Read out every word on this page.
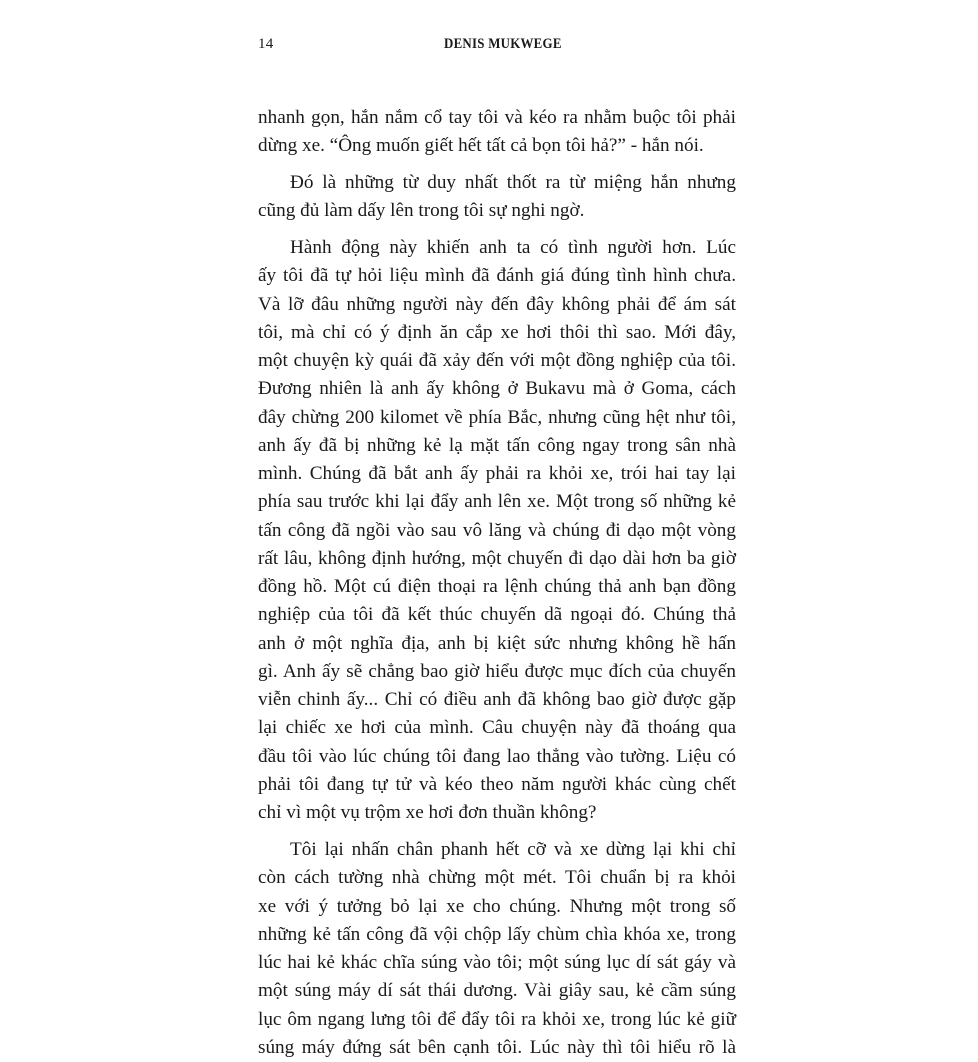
14	DENIS MUKWEGE
nhanh gọn, hắn nắm cổ tay tôi và kéo ra nhằm buộc tôi phải
dừng xe. “Ông muốn giết hết tất cả bọn tôi hả?” - hắn nói.
Đó là những từ duy nhất thốt ra từ miệng hắn nhưng
cũng đủ làm dấy lên trong tôi sự nghi ngờ.
Hành động này khiến anh ta có tình người hơn. Lúc
ấy tôi đã tự hỏi liệu mình đã đánh giá đúng tình hình chưa.
Và lỡ đâu những người này đến đây không phải để ám sát
tôi, mà chỉ có ý định ăn cắp xe hơi thôi thì sao. Mới đây,
một chuyện kỳ quái đã xảy đến với một đồng nghiệp của tôi.
Đương nhiên là anh ấy không ở Bukavu mà ở Goma, cách
đây chừng 200 kilomet về phía Bắc, nhưng cũng hệt như tôi,
anh ấy đã bị những kẻ lạ mặt tấn công ngay trong sân nhà
mình. Chúng đã bắt anh ấy phải ra khỏi xe, trói hai tay lại
phía sau trước khi lại đẩy anh lên xe. Một trong số những kẻ
tấn công đã ngồi vào sau vô lăng và chúng đi dạo một vòng
rất lâu, không định hướng, một chuyến đi dạo dài hơn ba giờ
đồng hồ. Một cú điện thoại ra lệnh chúng thả anh bạn đồng
nghiệp của tôi đã kết thúc chuyến dã ngoại đó. Chúng thả
anh ở một nghĩa địa, anh bị kiệt sức nhưng không hề hấn
gì. Anh ấy sẽ chẳng bao giờ hiểu được mục đích của chuyến
viễn chinh ấy... Chỉ có điều anh đã không bao giờ được gặp
lại chiếc xe hơi của mình. Câu chuyện này đã thoáng qua
đầu tôi vào lúc chúng tôi đang lao thẳng vào tường. Liệu có
phải tôi đang tự tử và kéo theo năm người khác cùng chết
chỉ vì một vụ trộm xe hơi đơn thuần không?
Tôi lại nhấn chân phanh hết cỡ và xe dừng lại khi chỉ
còn cách tường nhà chừng một mét. Tôi chuẩn bị ra khỏi
xe với ý tưởng bỏ lại xe cho chúng. Nhưng một trong số
những kẻ tấn công đã vội chộp lấy chùm chìa khóa xe, trong
lúc hai kẻ khác chĩa súng vào tôi; một súng lục dí sát gáy và
một súng máy dí sát thái dương. Vài giây sau, kẻ cầm súng
lục ôm ngang lưng tôi để đẩy tôi ra khỏi xe, trong lúc kẻ giữ
súng máy đứng sát bên cạnh tôi. Lúc này thì tôi hiểu rõ là
